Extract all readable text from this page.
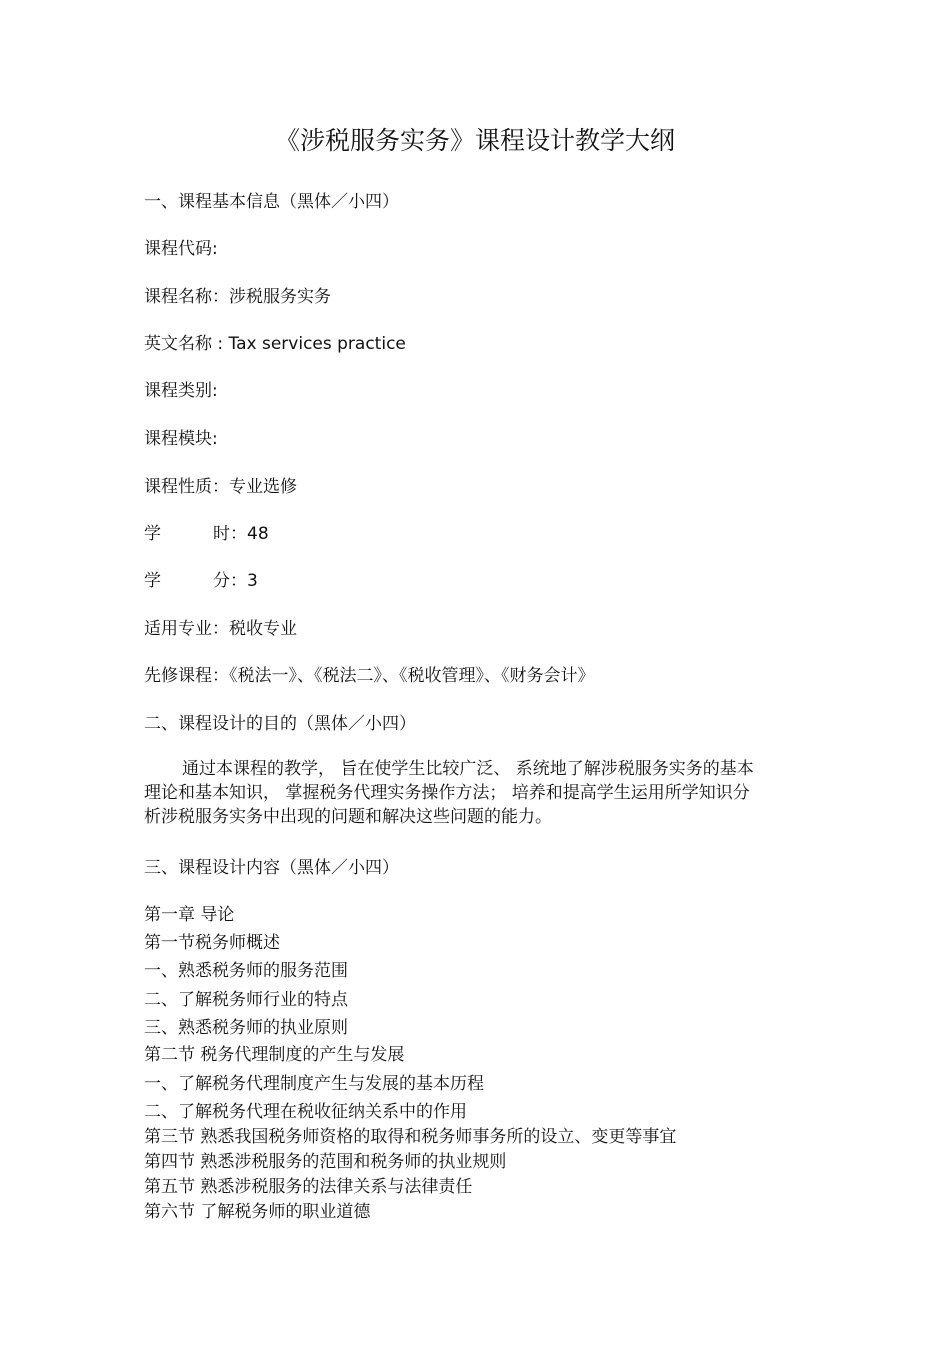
《涉税服务实务》课程设计教学大纲
一、课程基本信息（黑体／小四）
课程代码:
课程名称：涉税服务实务
英文名称 : Tax services practice
课程类别:
课程模块:
课程性质：专业选修
学	时：48
学	分：3
适用专业：税收专业
先修课程：《税法一》、《税法二》、《税收管理》、《财务会计》
二、课程设计的目的（黑体／小四）
通过本课程的教学， 旨在使学生比较广泛、 系统地了解涉税服务实务的基本
理论和基本知识， 掌握税务代理实务操作方法； 培养和提高学生运用所学知识分
析涉税服务实务中出现的问题和解决这些问题的能力。
三、课程设计内容（黑体／小四）
第一章 导论
第一节税务师概述
一、熟悉税务师的服务范围
二、了解税务师行业的特点
三、熟悉税务师的执业原则
第二节 税务代理制度的产生与发展
一、了解税务代理制度产生与发展的基本历程
二、了解税务代理在税收征纳关系中的作用
第三节 熟悉我国税务师资格的取得和税务师事务所的设立、变更等事宜
第四节 熟悉涉税服务的范围和税务师的执业规则
第五节 熟悉涉税服务的法律关系与法律责任
第六节 了解税务师的职业道德
